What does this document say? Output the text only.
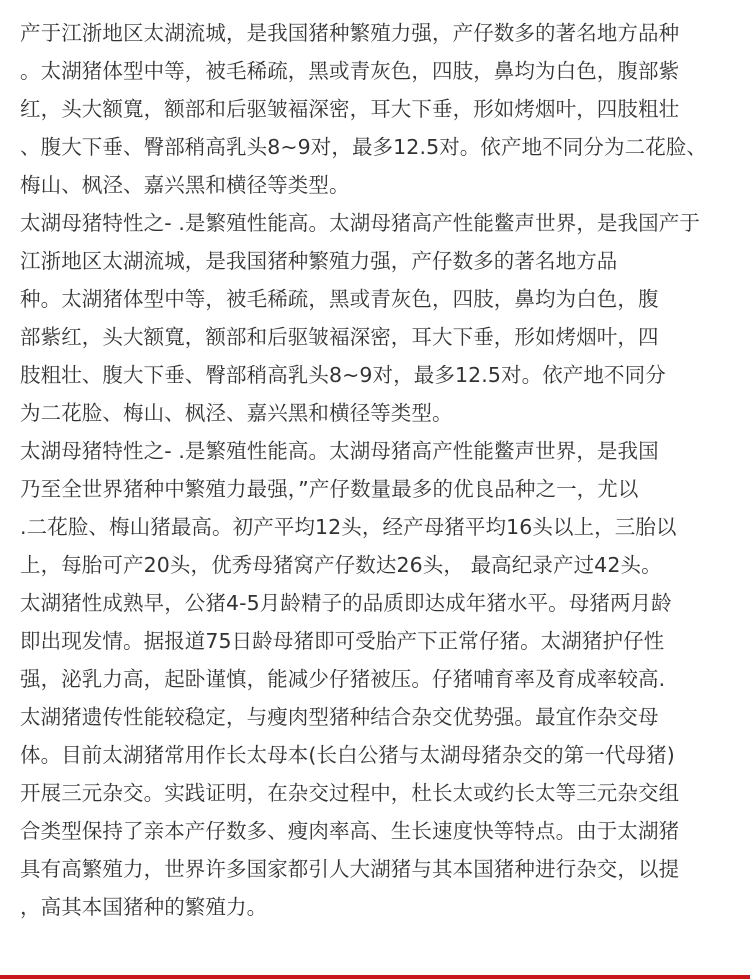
产于江浙地区太湖流城，是我国猪种繁殖力强，产仔数多的著名地方品种
。太湖猪体型中等，被毛稀疏，黑或青灰色，四肢，鼻均为白色，腹部紫
红，头大额寬，额部和后驱皱褔深密，耳大下垂，形如烤烟叶，四肢粗壮
、腹大下垂、臀部稍高乳头8~9对，最多12.5对。依产地不同分为二花脸、
梅山、枫泾、嘉兴黑和横径等类型。
太湖母猪特性之- .是繁殖性能高。太湖母猪高产性能鳖声世界，是我国产于
江浙地区太湖流城，是我国猪种繁殖力强，产仔数多的著名地方品
种。太湖猪体型中等，被毛稀疏，黑或青灰色，四肢，鼻均为白色，腹
部紫红，头大额寬，额部和后驱皱褔深密，耳大下垂，形如烤烟叶，四
肢粗壮、腹大下垂、臀部稍高乳头8~9对，最多12.5对。依产地不同分
为二花脸、梅山、枫泾、嘉兴黑和横径等类型。
太湖母猪特性之- .是繁殖性能高。太湖母猪高产性能鳖声世界，是我国
乃至全世界猪种中繁殖力最强，”产仔数量最多的优良品种之一，尤以
.二花脸、梅山猪最高。初产平均12头，经产母猪平均16头以上，三胎以
上，每胎可产20头，优秀母猪窝产仔数达26头， 最高纪录产过42头。
太湖猪性成熟早，公猪4-5月龄精子的品质即达成年猪水平。母猪两月龄
即出现发情。据报道75日龄母猪即可受胎产下正常仔猪。太湖猪护仔性
强，泌乳力高，起卧谨慎，能减少仔猪被压。仔猪哺育率及育成率较高.
太湖猪遗传性能较稳定，与瘦肉型猪种结合杂交优势强。最宜作杂交母
体。目前太湖猪常用作长太母本(长白公猪与太湖母猪杂交的第一代母猪)
开展三元杂交。实践证明，在杂交过程中，杜长太或约长太等三元杂交组
合类型保持了亲本产仔数多、瘦肉率高、生长速度快等特点。由于太湖猪
具有高繁殖力，世界许多国家都引人大湖猪与其本国猪种进行杂交，以提
，高其本国猪种的繁殖力。
